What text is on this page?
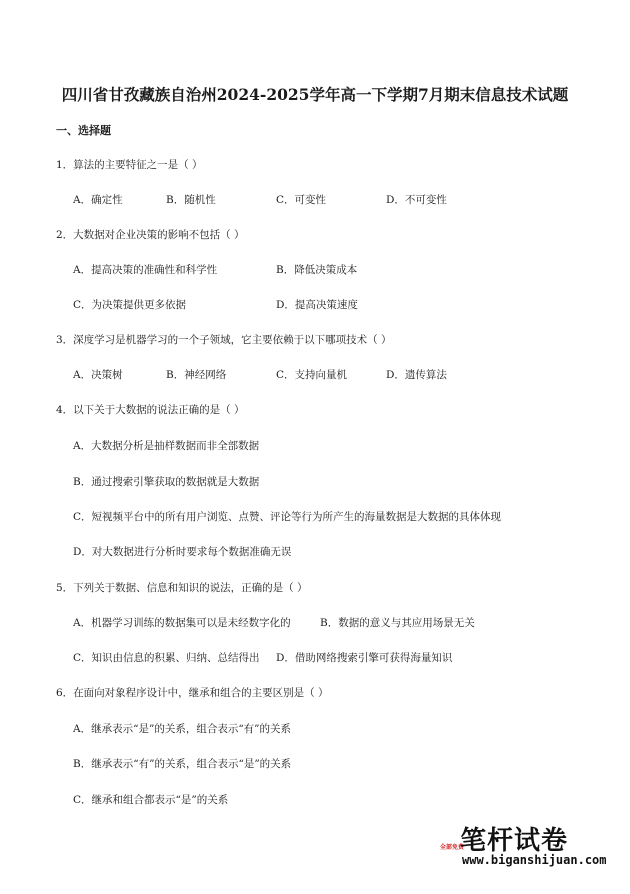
四川省甘孜藏族自治州2024-2025学年高一下学期7月期末信息技术试题
一、选择题
1．算法的主要特征之一是（ ）
A．确定性	B．随机性	C．可变性	D．不可变性
2．大数据对企业决策的影响不包括（ ）
A．提高决策的准确性和科学性	B．降低决策成本
C．为决策提供更多依据	D．提高决策速度
3．深度学习是机器学习的一个子领域，它主要依赖于以下哪项技术（ ）
A．决策树	B．神经网络	C．支持向量机	D．遗传算法
4．以下关于大数据的说法正确的是（ ）
A．大数据分析是抽样数据而非全部数据
B．通过搜索引擎获取的数据就是大数据
C．短视频平台中的所有用户浏览、点赞、评论等行为所产生的海量数据是大数据的具体体现
D．对大数据进行分析时要求每个数据准确无误
5．下列关于数据、信息和知识的说法，正确的是（ ）
A．机器学习训练的数据集可以是未经数字化的	B．数据的意义与其应用场景无关
C．知识由信息的积累、归纳、总结得出 D．借助网络搜索引擎可获得海量知识
6．在面向对象程序设计中，继承和组合的主要区别是（ ）
A．继承表示“是”的关系，组合表示“有”的关系
B．继承表示“有”的关系，组合表示“是”的关系
C．继承和组合都表示“是”的关系
全部免费
笔杆试卷
www.biganshijuan.com
